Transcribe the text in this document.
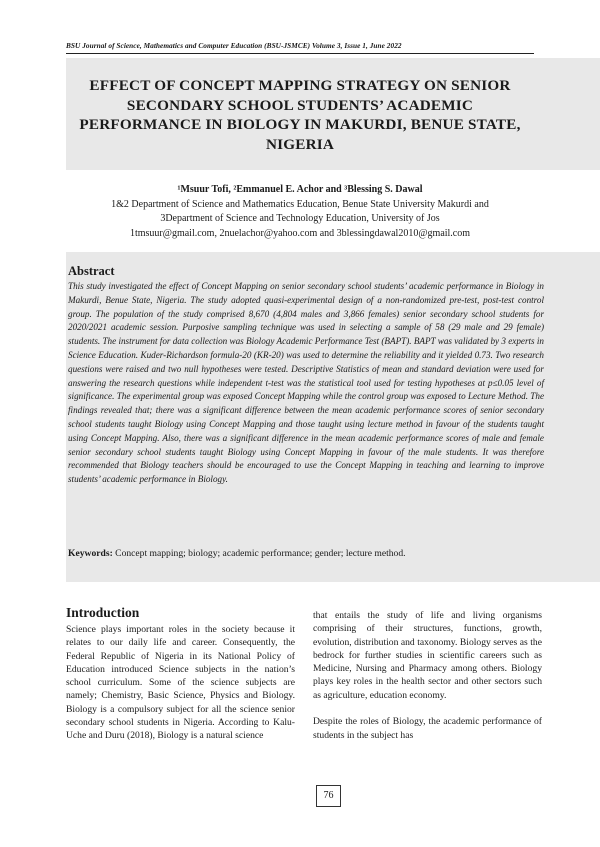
BSU Journal of Science, Mathematics and Computer Education (BSU-JSMCE) Volume 3, Issue 1, June 2022
EFFECT OF CONCEPT MAPPING STRATEGY ON SENIOR SECONDARY SCHOOL STUDENTS’ ACADEMIC PERFORMANCE IN BIOLOGY IN MAKURDI, BENUE STATE, NIGERIA
¹Msuur Tofi, ²Emmanuel E. Achor and ³Blessing S. Dawal
1&2 Department of Science and Mathematics Education, Benue State University Makurdi and
3Department of Science and Technology Education, University of Jos
1tmsuur@gmail.com, 2nuelachor@yahoo.com and 3blessingdawal2010@gmail.com
Abstract
This study investigated the effect of Concept Mapping on senior secondary school students’ academic performance in Biology in Makurdi, Benue State, Nigeria. The study adopted quasi-experimental design of a non-randomized pre-test, post-test control group. The population of the study comprised 8,670 (4,804 males and 3,866 females) senior secondary school students for 2020/2021 academic session. Purposive sampling technique was used in selecting a sample of 58 (29 male and 29 female) students. The instrument for data collection was Biology Academic Performance Test (BAPT). BAPT was validated by 3 experts in Science Education. Kuder-Richardson formula-20 (KR-20) was used to determine the reliability and it yielded 0.73. Two research questions were raised and two null hypotheses were tested. Descriptive Statistics of mean and standard deviation were used for answering the research questions while independent t-test was the statistical tool used for testing hypotheses at p≤0.05 level of significance. The experimental group was exposed Concept Mapping while the control group was exposed to Lecture Method. The findings revealed that; there was a significant difference between the mean academic performance scores of senior secondary school students taught Biology using Concept Mapping and those taught using lecture method in favour of the students taught using Concept Mapping. Also, there was a significant difference in the mean academic performance scores of male and female senior secondary school students taught Biology using Concept Mapping in favour of the male students. It was therefore recommended that Biology teachers should be encouraged to use the Concept Mapping in teaching and learning to improve students’ academic performance in Biology.
Keywords: Concept mapping; biology; academic performance; gender; lecture method.
Introduction
Science plays important roles in the society because it relates to our daily life and career. Consequently, the Federal Republic of Nigeria in its National Policy of Education introduced Science subjects in the nation’s school curriculum. Some of the science subjects are namely; Chemistry, Basic Science, Physics and Biology. Biology is a compulsory subject for all the science senior secondary school students in Nigeria. According to Kalu-Uche and Duru (2018), Biology is a natural science

that entails the study of life and living organisms comprising of their structures, functions, growth, evolution, distribution and taxonomy. Biology serves as the bedrock for further studies in scientific careers such as Medicine, Nursing and Pharmacy among others. Biology plays key roles in the health sector and other sectors such as agriculture, education economy.

Despite the roles of Biology, the academic performance of students in the subject has

76
